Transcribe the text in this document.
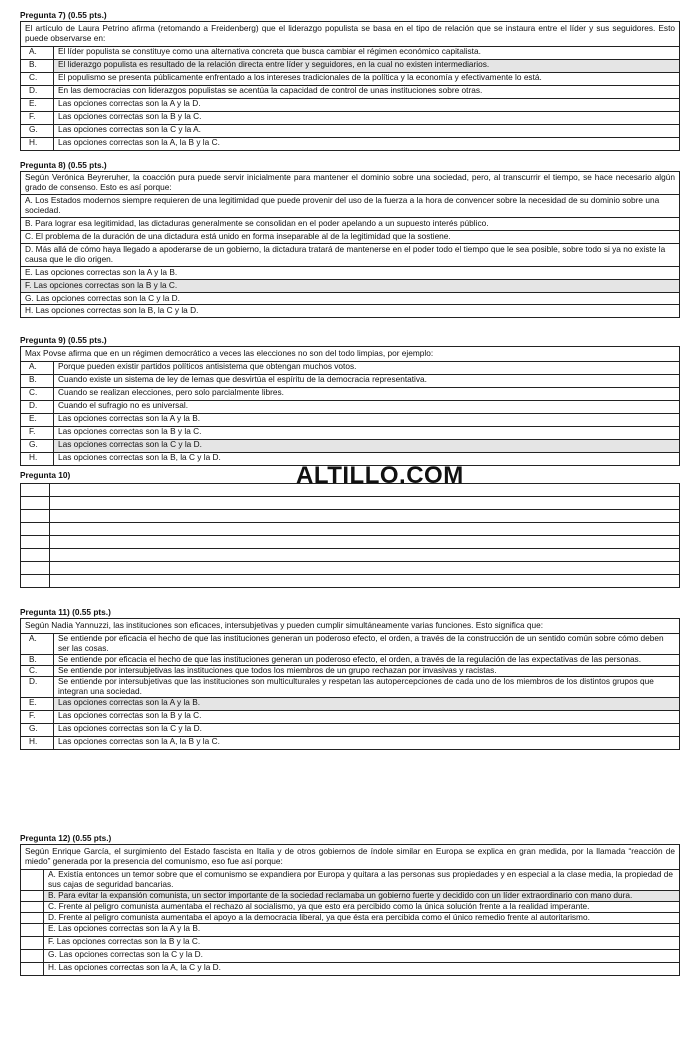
Pregunta 7) (0.55 pts.)
El artículo de Laura Petrino afirma (retomando a Freidenberg) que el liderazgo populista se basa en el tipo de relación que se instaura entre el líder y sus seguidores. Esto puede observarse en:	
A.	El líder populista se constituye como una alternativa concreta que busca cambiar el régimen económico capitalista.
B.	El liderazgo populista es resultado de la relación directa entre líder y seguidores, en la cual no existen intermediarios.
C.	El populismo se presenta públicamente enfrentado a los intereses tradicionales de la política y la economía y efectivamente lo está.
D.	En las democracias con liderazgos populistas se acentúa la capacidad de control de unas instituciones sobre otras.
E.	Las opciones correctas son la A y la D.
F.	Las opciones correctas son la B y la C.
G.	Las opciones correctas son la C y la A.
H.	Las opciones correctas son la A, la B y la C.
Pregunta 8) (0.55 pts.)
Según Verónica Beyreruher, la coacción pura puede servir inicialmente para mantener el dominio sobre una sociedad, pero, al transcurrir el tiempo, se hace necesario algún grado de consenso. Esto es así porque:
A. Los Estados modernos siempre requieren de una legitimidad que puede provenir del uso de la fuerza a la hora de convencer sobre la necesidad de su dominio sobre una sociedad.
B. Para lograr esa legitimidad, las dictaduras generalmente se consolidan en el poder apelando a un supuesto interés público.
C. El problema de la duración de una dictadura está unido en forma inseparable al de la legitimidad que la sostiene.
D. Más allá de cómo haya llegado a apoderarse de un gobierno, la dictadura tratará de mantenerse en el poder todo el tiempo que le sea posible, sobre todo si ya no existe la causa que le dio origen.
E. Las opciones correctas son la A y la B.
F. Las opciones correctas son la B y la C.
G. Las opciones correctas son la C y la D.
H. Las opciones correctas son la B, la C y la D.
Pregunta 9) (0.55 pts.)
Max Povse afirma que en un régimen democrático a veces las elecciones no son del todo limpias, por ejemplo:	
A.	Porque pueden existir partidos políticos antisistema que obtengan muchos votos.
B.	Cuando existe un sistema de ley de lemas que desvirtúa el espíritu de la democracia representativa.
C.	Cuando se realizan elecciones, pero solo parcialmente libres.
D.	Cuando el sufragio no es universal.
E.	Las opciones correctas son la A y la B.
F.	Las opciones correctas son la B y la C.
G.	Las opciones correctas son la C y la D.
H.	Las opciones correctas son la B, la C y la D.
ALTILLO.COM
Pregunta 10)

Pregunta 11) (0.55 pts.)
Según Nadia Yannuzzi, las instituciones son eficaces, intersubjetivas y pueden cumplir simultáneamente varias funciones. Esto significa que:	
A.	Se entiende por eficacia el hecho de que las instituciones generan un poderoso efecto, el orden, a través de la construcción de un sentido común sobre cómo deben ser las cosas.
B.	Se entiende por eficacia el hecho de que las instituciones generan un poderoso efecto, el orden, a través de la regulación de las expectativas de las personas.
C.	Se entiende por intersubjetivas las instituciones que todos los miembros de un grupo rechazan por invasivas y racistas.
D.	Se entiende por intersubjetivas que las instituciones son multiculturales y respetan las autopercepciones de cada uno de los miembros de los distintos grupos que integran una sociedad.
E.	Las opciones correctas son la A y la B.
F.	Las opciones correctas son la B y la C.
G.	Las opciones correctas son la C y la D.
H.	Las opciones correctas son la A, la B y la C.
Pregunta 12) (0.55 pts.)
Según Enrique García, el surgimiento del Estado fascista en Italia y de otros gobiernos de índole similar en Europa se explica en gran medida, por la llamada “reacción de miedo” generada por la presencia del comunismo, eso fue así porque:	
	A. Existía entonces un temor sobre que el comunismo se expandiera por Europa y quitara a las personas sus propiedades y en especial a la clase media, la propiedad de sus cajas de seguridad bancarias.
	B. Para evitar la expansión comunista, un sector importante de la sociedad reclamaba un gobierno fuerte y decidido con un líder extraordinario con mano dura.
	C. Frente al peligro comunista aumentaba el rechazo al socialismo, ya que esto era percibido como la única solución frente a la realidad imperante.
	D. Frente al peligro comunista aumentaba el apoyo a la democracia liberal, ya que ésta era percibida como el único remedio frente al autoritarismo.
	E. Las opciones correctas son la A y la B.
	F. Las opciones correctas son la B y la C.
	G. Las opciones correctas son la C y la D.
	H. Las opciones correctas son la A, la C y la D.
